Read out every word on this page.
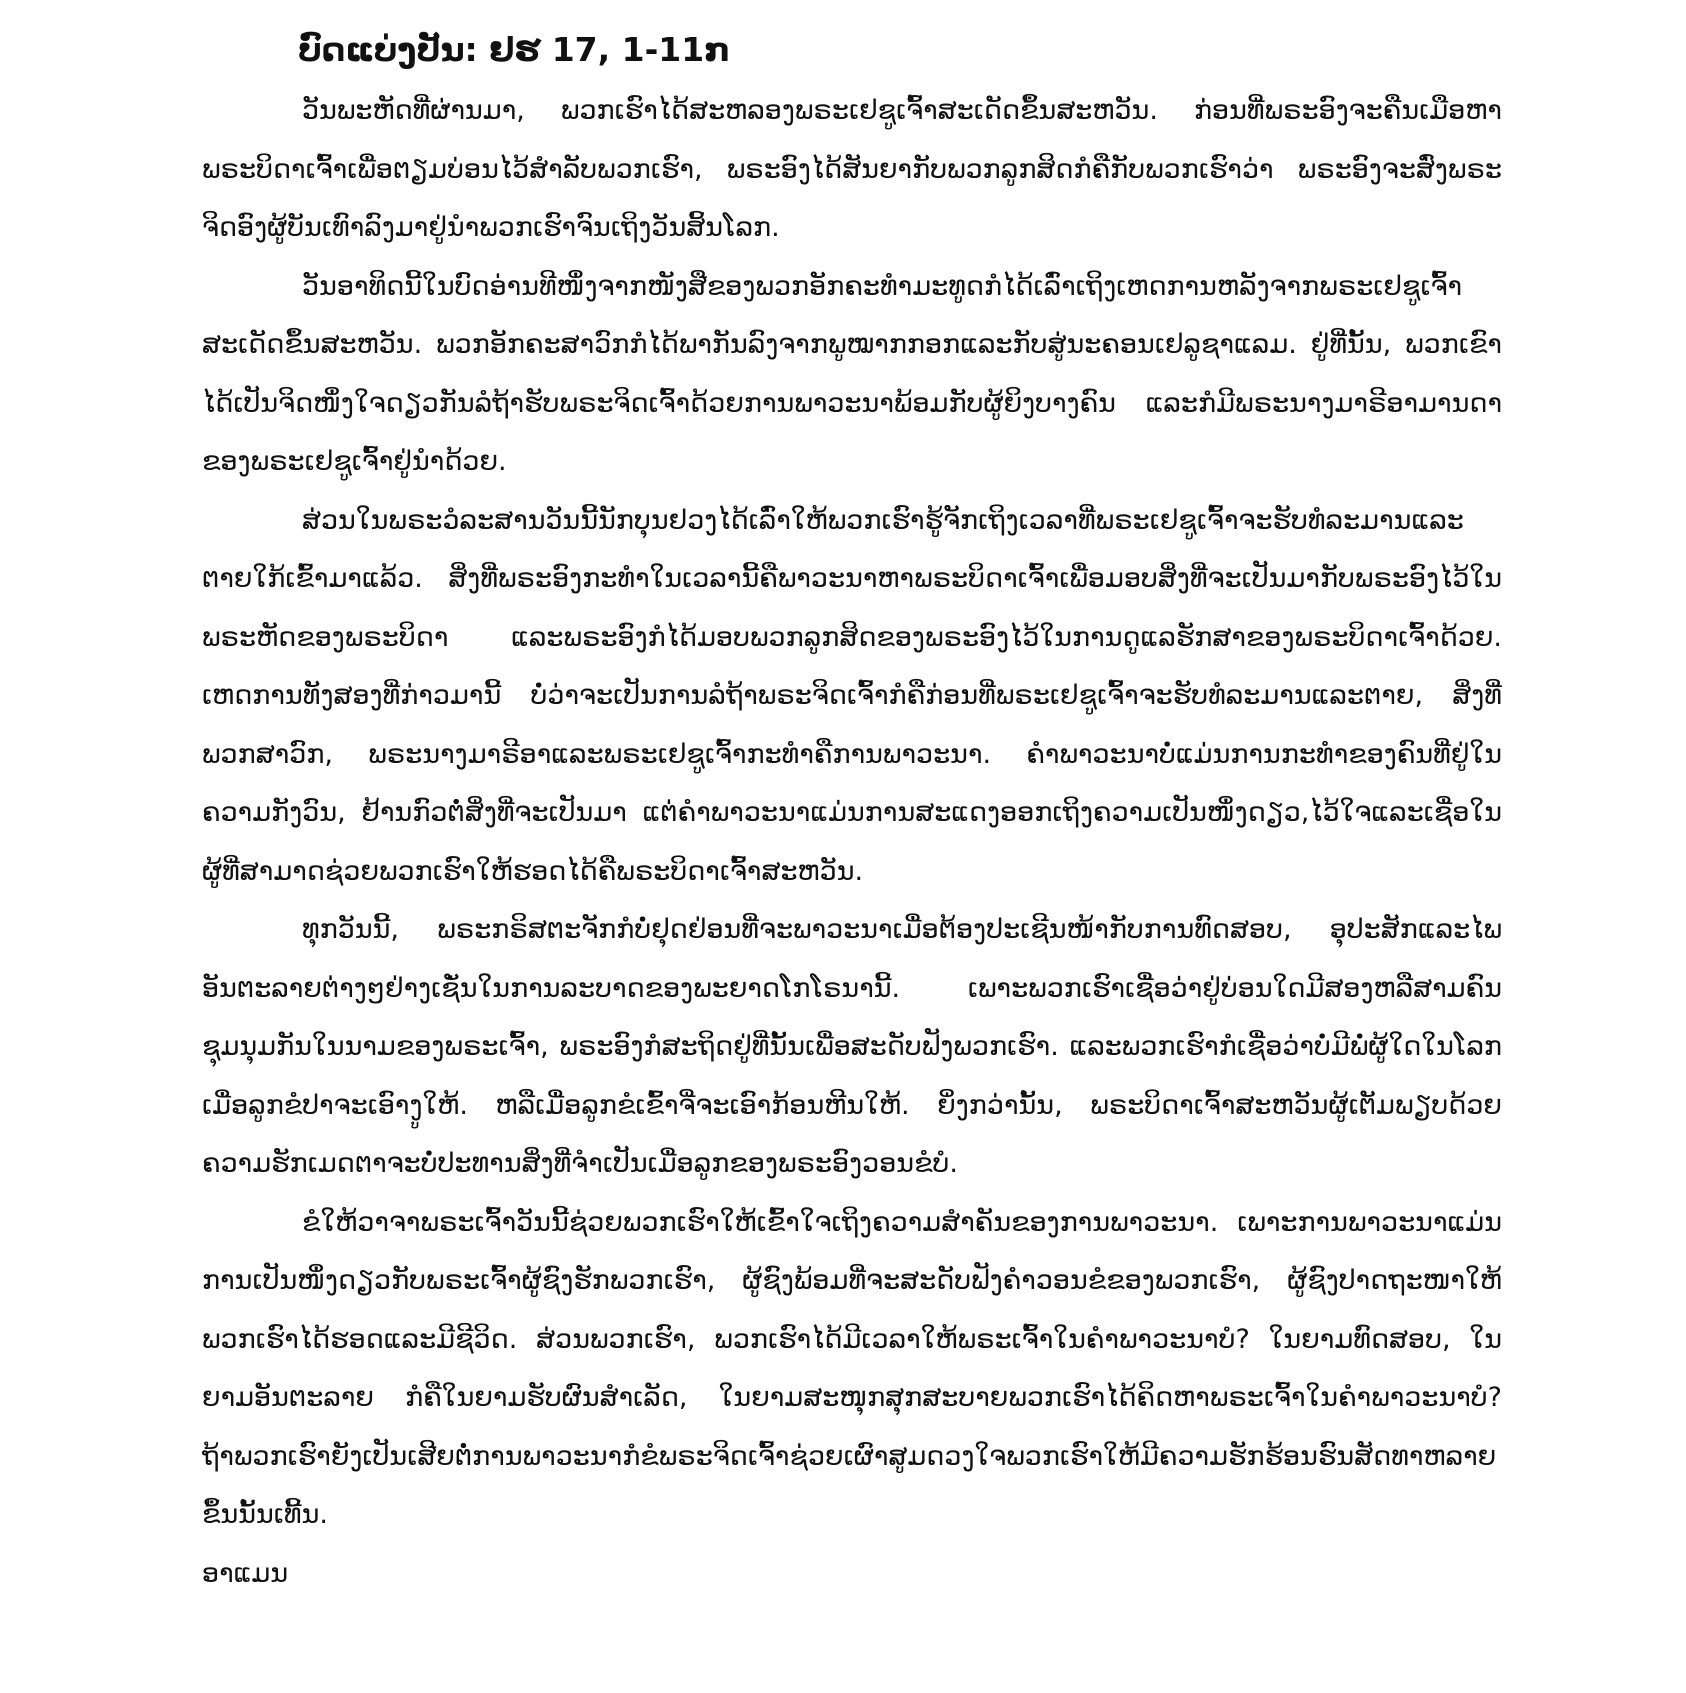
ບົດແບ່ງປັນ: ຢຮ 17, 1-11ກ

ວັນພະຫັດທີ່ຜ່ານມາ, ພວກເຮົາໄດ້ສະຫລອງພຣະເຢຊູເຈົ້າສະເດັດຂຶ້ນສະຫວັນ. ກ່ອນທີ່ພຣະອົງຈະຄືນເມືອຫາພຣະບິດາເຈົ້າເພື່ອຕຽມບ່ອນໄວ້ສຳລັບພວກເຮົາ, ພຣະອົງໄດ້ສັນຍາກັບພວກລູກສິດກໍຄືກັບພວກເຮົາວ່າ ພຣະອົງຈະສົ່ງພຣະຈິດອົງຜູ້ບັນເທົາລົງມາຢູ່ນຳພວກເຮົາຈົນເຖິງວັນສິ້ນໂລກ.

ວັນອາທິດນີ້ໃນບົດອ່ານທີໜຶ່ງຈາກໜັງສືຂອງພວກອັກຄະທຳມະທູດກໍໄດ້ເລົ່າເຖິງເຫດການຫລັງຈາກພຣະເຢຊູເຈົ້າສະເດັດຂຶ້ນສະຫວັນ. ພວກອັກຄະສາວົກກໍໄດ້ພາກັນລົງຈາກພູໝາກກອກແລະກັບສູ່ນະຄອນເຢລູຊາແລມ. ຢູ່ທີ່ນັ້ນ, ພວກເຂົາໄດ້ເປັນຈິດໜຶ່ງໃຈດຽວກັນລໍຖ້າຮັບພຣະຈິດເຈົ້າດ້ວຍການພາວະນາພ້ອມກັບຜູ້ຍິງບາງຄົນ ແລະກໍມີພຣະນາງມາຣີອາມານດາຂອງພຣະເຢຊູເຈົ້າຢູ່ນຳດ້ວຍ.

ສ່ວນໃນພຣະວໍລະສານວັນນີ້ນັກບຸນຢວງໄດ້ເລົ່າໃຫ້ພວກເຮົາຮູ້ຈັກເຖິງເວລາທີ່ພຣະເຢຊູເຈົ້າຈະຮັບທໍລະມານແລະຕາຍໃກ້ເຂົ້າມາແລ້ວ. ສິ່ງທີ່ພຣະອົງກະທຳໃນເວລານີ້ຄືພາວະນາຫາພຣະບິດາເຈົ້າເພື່ອມອບສິ່ງທີ່ຈະເປັນມາກັບພຣະອົງໄວ້ໃນພຣະຫັດຂອງພຣະບິດາ ແລະພຣະອົງກໍໄດ້ມອບພວກລູກສິດຂອງພຣະອົງໄວ້ໃນການດູແລຮັກສາຂອງພຣະບິດາເຈົ້າດ້ວຍ. ເຫດການທັງສອງທີ່ກ່າວມານີ້ ບໍ່ວ່າຈະເປັນການລໍຖ້າພຣະຈິດເຈົ້າກໍຄືກ່ອນທີ່ພຣະເຢຊູເຈົ້າຈະຮັບທໍລະມານແລະຕາຍ, ສິ່ງທີ່ພວກສາວົກ, ພຣະນາງມາຣີອາແລະພຣະເຢຊູເຈົ້າກະທຳຄືການພາວະນາ. ຄຳພາວະນາບໍ່ແມ່ນການກະທຳຂອງຄົນທີ່ຢູ່ໃນຄວາມກັງວົນ, ຢ້ານກົວຕໍ່ສິ່ງທີ່ຈະເປັນມາ ແຕ່ຄຳພາວະນາແມ່ນການສະແດງອອກເຖິງຄວາມເປັນໜຶ່ງດຽວ,ໄວ້ໃຈແລະເຊື່ອໃນຜູ້ທີ່ສາມາດຊ່ວຍພວກເຮົາໃຫ້ຮອດໄດ້ຄືພຣະບິດາເຈົ້າສະຫວັນ.

ທຸກວັນນີ້, ພຣະກຣິສຕະຈັກກໍບໍ່ຢຸດຢ່ອນທີ່ຈະພາວະນາເມື່ອຕ້ອງປະເຊີນໜ້າກັບການທົດສອບ, ອຸປະສັກແລະໄພອັນຕະລາຍຕ່າງໆຢ່າງເຊັ່ນໃນການລະບາດຂອງພະຍາດໂກໂຣນານີ້. ເພາະພວກເຮົາເຊື່ອວ່າຢູ່ບ່ອນໃດມີສອງຫລືສາມຄົນຊຸມນຸມກັນໃນນາມຂອງພຣະເຈົ້າ, ພຣະອົງກໍສະຖິດຢູ່ທີ່ນັ້ນເພື່ອສະດັບຟັງພວກເຮົາ. ແລະພວກເຮົາກໍເຊື່ອວ່າບໍ່ມີພໍ່ຜູ້ໃດໃນໂລກເມື່ອລູກຂໍປາຈະເອົາງູໃຫ້. ຫລືເມື່ອລູກຂໍເຂົ້າຈີ່ຈະເອົາກ້ອນຫີນໃຫ້. ຍິ່ງກວ່ານັ້ນ, ພຣະບິດາເຈົ້າສະຫວັນຜູ້ເຕັມພຽບດ້ວຍຄວາມຮັກເມດຕາຈະບໍ່ປະທານສິ່ງທີ່ຈຳເປັນເມື່ອລູກຂອງພຣະອົງວອນຂໍບໍ.

ຂໍໃຫ້ວາຈາພຣະເຈົ້າວັນນີ້ຊ່ວຍພວກເຮົາໃຫ້ເຂົ້າໃຈເຖິງຄວາມສຳຄັນຂອງການພາວະນາ. ເພາະການພາວະນາແມ່ນການເປັນໜຶ່ງດຽວກັບພຣະເຈົ້າຜູ້ຊົງຮັກພວກເຮົາ, ຜູ້ຊົງພ້ອມທີ່ຈະສະດັບຟັງຄຳວອນຂໍຂອງພວກເຮົາ, ຜູ້ຊົງປາດຖະໜາໃຫ້ພວກເຮົາໄດ້ຮອດແລະມີຊີວິດ. ສ່ວນພວກເຮົາ, ພວກເຮົາໄດ້ມີເວລາໃຫ້ພຣະເຈົ້າໃນຄຳພາວະນາບໍ? ໃນຍາມທົດສອບ, ໃນຍາມອັນຕະລາຍ ກໍຄືໃນຍາມຮັບຜົນສຳເລັດ, ໃນຍາມສະໜຸກສຸກສະບາຍພວກເຮົາໄດ້ຄິດຫາພຣະເຈົ້າໃນຄຳພາວະນາບໍ? ຖ້າພວກເຮົາຍັງເປັນເສີຍຕໍ່ການພາວະນາກໍຂໍພຣະຈິດເຈົ້າຊ່ວຍເຜົາສູມດວງໃຈພວກເຮົາໃຫ້ມີຄວາມຮັກຮ້ອນຮົນສັດທາຫລາຍຂຶ້ນນັ້ນເທີ້ນ.

ອາແມນ
